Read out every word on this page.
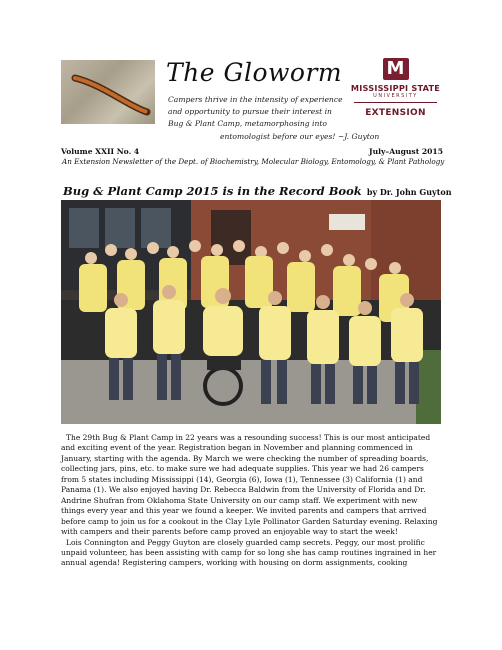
The Gloworm
Campers thrive in the intensity of experience
and opportunity to pursue their interest in
Bug & Plant Camp, metamorphosing into
entomologist before our eyes! ~J. Guyton
M
MISSISSIPPI STATE
UNIVERSITY
EXTENSION
Volume XXII No. 4	July–August 2015
An Extension Newsletter of the Dept. of Biochemistry, Molecular Biology, Entomology, & Plant Pathology
Bug & Plant Camp 2015 is in the Record Book by Dr. John Guyton

The 29th Bug & Plant Camp in 22 years was a resounding success! This is our most anticipated and exciting event of the year. Registration began in November and planning commenced in January, starting with the agenda. By March we were checking the number of spreading boards, collecting jars, pins, etc. to make sure we had adequate supplies. This year we had 26 campers from 5 states including Mississippi (14), Georgia (6), Iowa (1), Tennessee (3) California (1) and Panama (1). We also enjoyed having Dr. Rebecca Baldwin from the University of Florida and Dr. Andrine Shufran from Oklahoma State University on our camp staff. We experiment with new things every year and this year we found a keeper. We invited parents and campers that arrived before camp to join us for a cookout in the Clay Lyle Pollinator Garden Saturday evening. Relaxing with campers and their parents before camp proved an enjoyable way to start the week!

Lois Connington and Peggy Guyton are closely guarded camp secrets. Peggy, our most prolific unpaid volunteer, has been assisting with camp for so long she has camp routines ingrained in her annual agenda! Registering campers, working with housing on dorm assignments, cooking
